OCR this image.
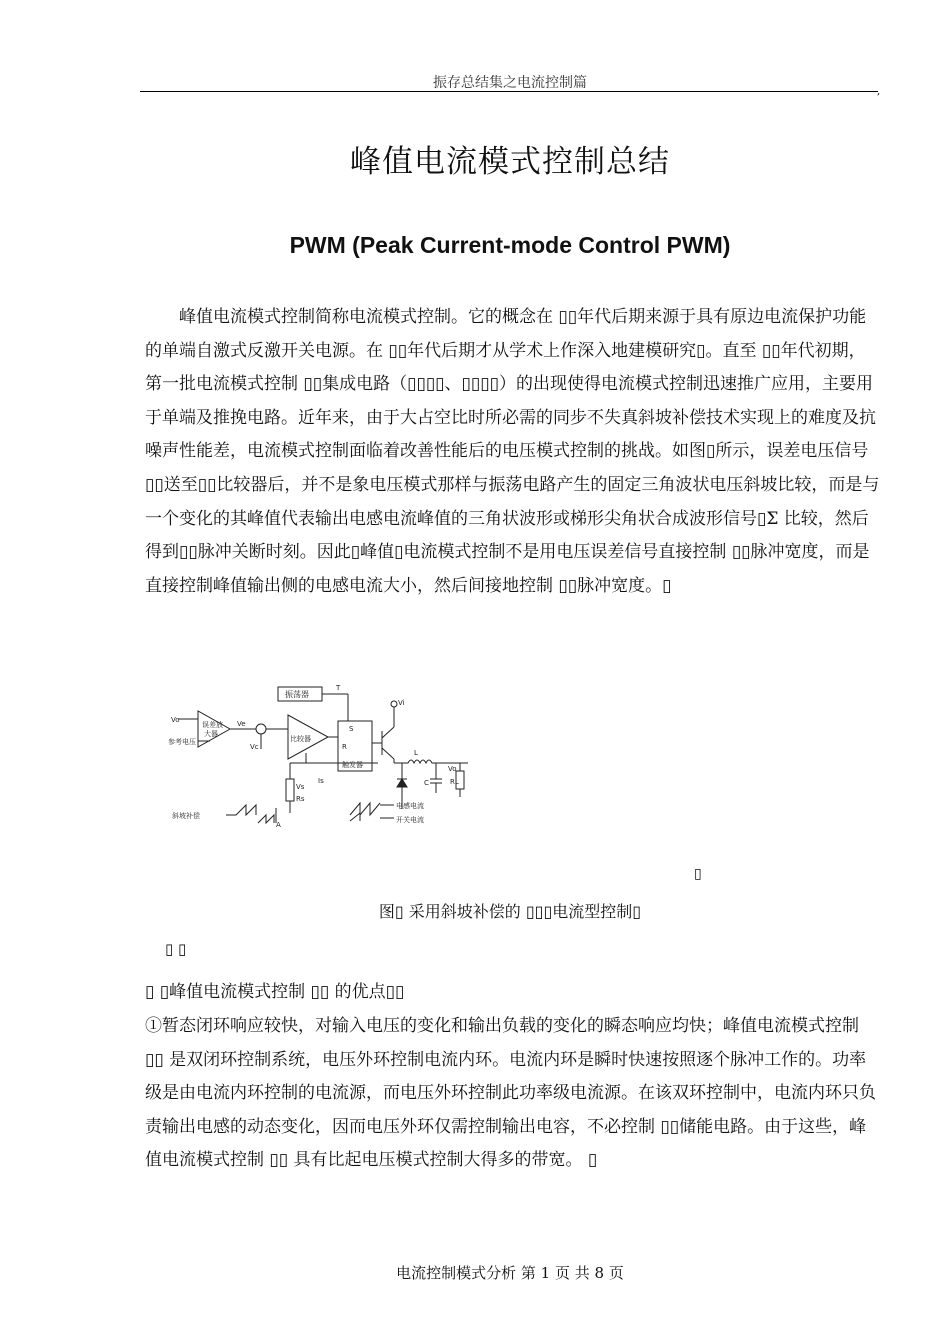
振存总结集之电流控制篇
,
峰值电流模式控制总结
PWM (Peak Current-mode Control PWM)
峰值电流模式控制简称电流模式控制。它的概念在 ▯▯年代后期来源于具有原边电流保护功能的单端自激式反激开关电源。在 ▯▯年代后期才从学术上作深入地建模研究▯。直至 ▯▯年代初期，第一批电流模式控制 ▯▯集成电路（▯▯▯▯、▯▯▯▯）的出现使得电流模式控制迅速推广应用，主要用于单端及推挽电路。近年来，由于大占空比时所必需的同步不失真斜坡补偿技术实现上的难度及抗噪声性能差，电流模式控制面临着改善性能后的电压模式控制的挑战。如图▯所示，误差电压信号▯▯送至▯▯比较器后，并不是象电压模式那样与振荡电路产生的固定三角波状电压斜坡比较，而是与一个变化的其峰值代表输出电感电流峰值的三角状波形或梯形尖角状合成波形信号▯Σ 比较，然后得到▯▯脉冲关断时刻。因此▯峰值▯电流模式控制不是用电压误差信号直接控制 ▯▯脉冲宽度，而是直接控制峰值输出侧的电感电流大小，然后间接地控制 ▯▯脉冲宽度。▯
振荡器
误差放
大器
比较器
触发器
S
R
Vo
参考电压
Ve
Vc
Vi
T
L
C
Vo
RL
Vs
Rs
Is
A
斜坡补偿
电感电流
开关电流
▯
图▯ 采用斜坡补偿的 ▯▯▯电流型控制▯
▯ ▯
▯ ▯峰值电流模式控制 ▯▯ 的优点▯▯
①暂态闭环响应较快，对输入电压的变化和输出负载的变化的瞬态响应均快；峰值电流模式控制 ▯▯ 是双闭环控制系统，电压外环控制电流内环。电流内环是瞬时快速按照逐个脉冲工作的。功率级是由电流内环控制的电流源，而电压外环控制此功率级电流源。在该双环控制中，电流内环只负责输出电感的动态变化，因而电压外环仅需控制输出电容，不必控制 ▯▯储能电路。由于这些，峰值电流模式控制 ▯▯ 具有比起电压模式控制大得多的带宽。 ▯
电流控制模式分析 第 1 页 共 8 页
